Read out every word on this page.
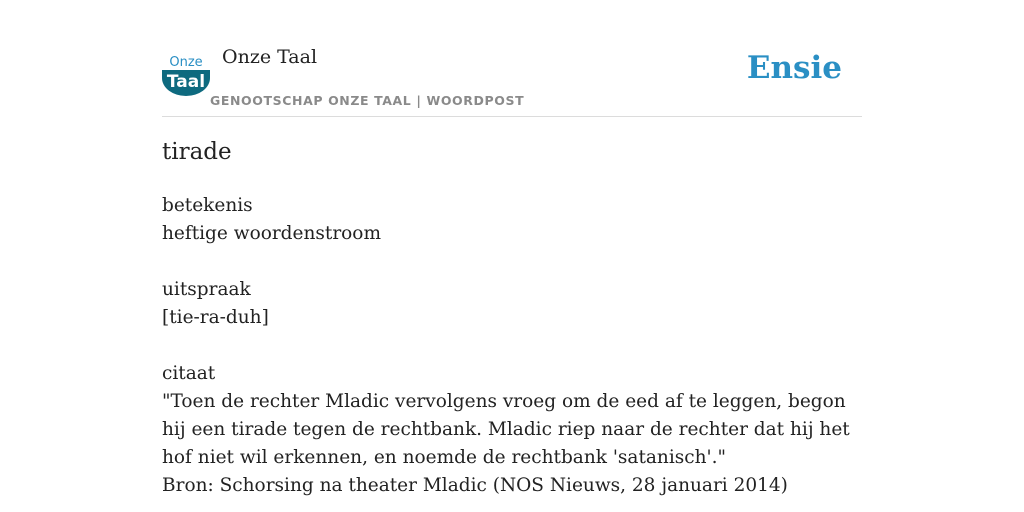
Onze
Taal
Onze Taal
GENOOTSCHAP ONZE TAAL | WOORDPOST
Ensie
tirade

betekenis

heftige woordenstroom

uitspraak

[tie-ra-duh]

citaat

"Toen de rechter Mladic vervolgens vroeg om de eed af te leggen, begon hij een tirade tegen de rechtbank. Mladic riep naar de rechter dat hij het hof niet wil erkennen, en noemde de rechtbank 'satanisch'."

Bron: Schorsing na theater Mladic (NOS Nieuws, 28 januari 2014)
